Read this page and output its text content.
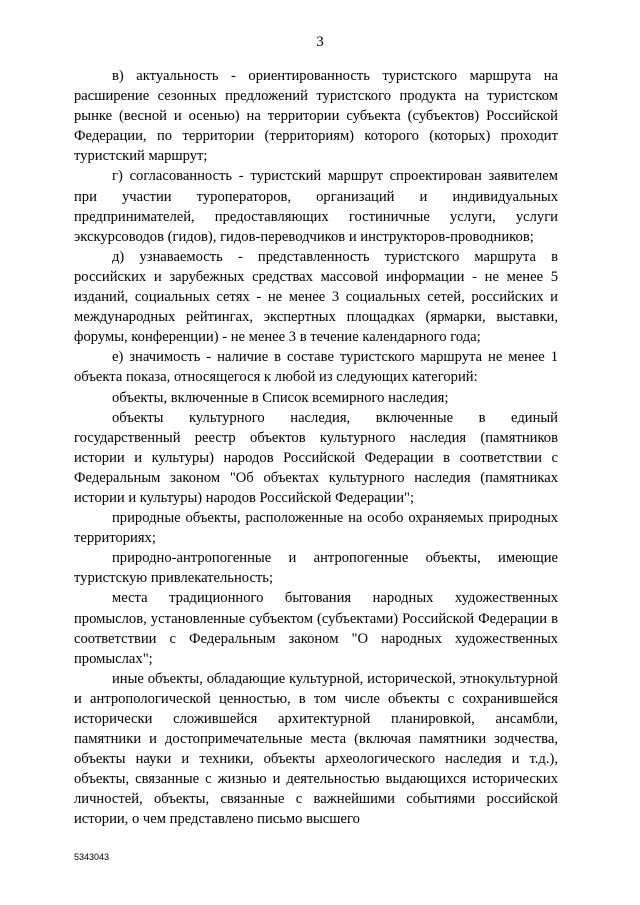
3

в) актуальность - ориентированность туристского маршрута на расширение сезонных предложений туристского продукта на туристском рынке (весной и осенью) на территории субъекта (субъектов) Российской Федерации, по территории (территориям) которого (которых) проходит туристский маршрут;

г) согласованность - туристский маршрут спроектирован заявителем при участии туроператоров, организаций и индивидуальных предпринимателей, предоставляющих гостиничные услуги, услуги экскурсоводов (гидов), гидов-переводчиков и инструкторов-проводников;

д) узнаваемость - представленность туристского маршрута в российских и зарубежных средствах массовой информации - не менее 5 изданий, социальных сетях - не менее 3 социальных сетей, российских и международных рейтингах, экспертных площадках (ярмарки, выставки, форумы, конференции) - не менее 3 в течение календарного года;

е) значимость - наличие в составе туристского маршрута не менее 1 объекта показа, относящегося к любой из следующих категорий:

объекты, включенные в Список всемирного наследия;

объекты культурного наследия, включенные в единый государственный реестр объектов культурного наследия (памятников истории и культуры) народов Российской Федерации в соответствии с Федеральным законом "Об объектах культурного наследия (памятниках истории и культуры) народов Российской Федерации";

природные объекты, расположенные на особо охраняемых природных территориях;

природно-антропогенные и антропогенные объекты, имеющие туристскую привлекательность;

места традиционного бытования народных художественных промыслов, установленные субъектом (субъектами) Российской Федерации в соответствии с Федеральным законом "О народных художественных промыслах";

иные объекты, обладающие культурной, исторической, этнокультурной и антропологической ценностью, в том числе объекты с сохранившейся исторически сложившейся архитектурной планировкой, ансамбли, памятники и достопримечательные места (включая памятники зодчества, объекты науки и техники, объекты археологического наследия и т.д.), объекты, связанные с жизнью и деятельностью выдающихся исторических личностей, объекты, связанные с важнейшими событиями российской истории, о чем представлено письмо высшего

5343043
